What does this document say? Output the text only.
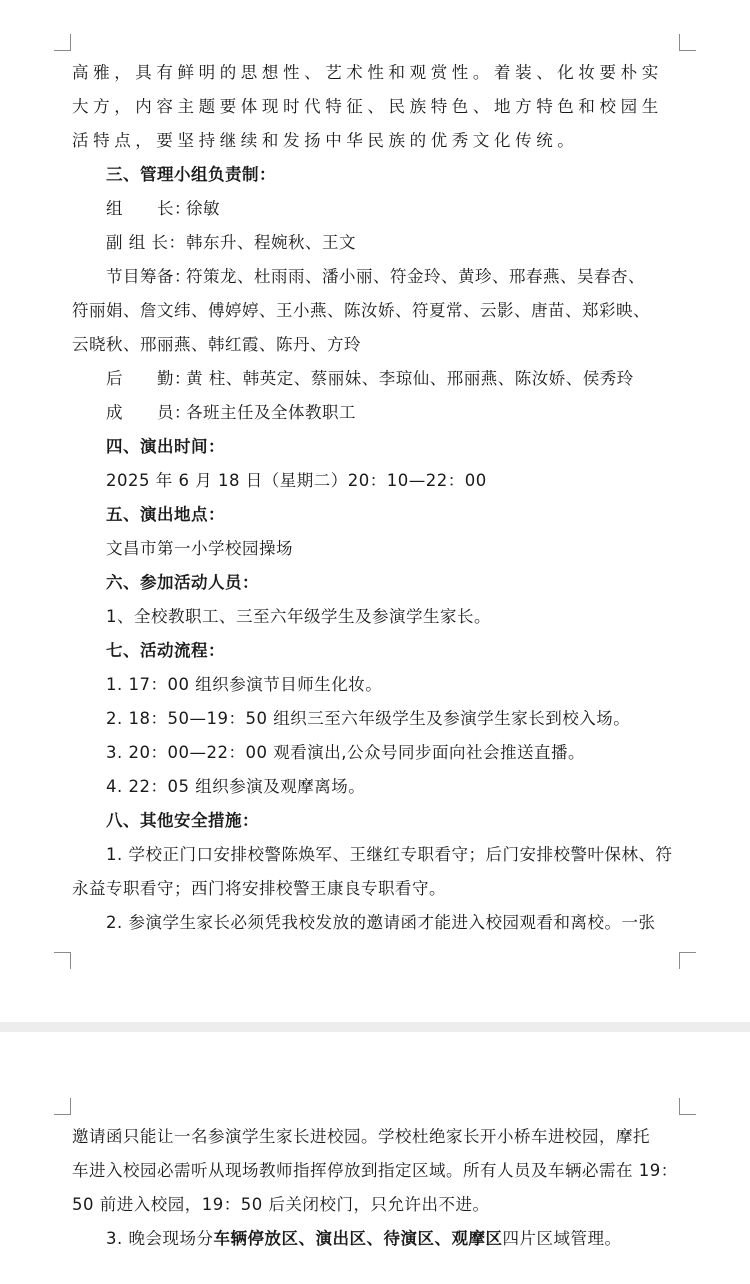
高雅，具有鲜明的思想性、艺术性和观赏性。着装、化妆要朴实
大方，内容主题要体现时代特征、民族特色、地方特色和校园生
活特点，要坚持继续和发扬中华民族的优秀文化传统。
三、管理小组负责制：
组　　长：徐敏
副 组 长：韩东升、程婉秋、王文
节目筹备：符策龙、杜雨雨、潘小丽、符金玲、黄珍、邢春燕、吴春杏、
符丽娟、詹文纬、傅婷婷、王小燕、陈汝娇、符夏常、云影、唐苗、郑彩映、
云晓秋、邢丽燕、韩红霞、陈丹、方玲
后　　勤：黄 柱、韩英定、蔡丽妹、李琼仙、邢丽燕、陈汝娇、侯秀玲
成　　员：各班主任及全体教职工
四、演出时间：
2025 年 6 月 18 日（星期二）20：10—22：00
五、演出地点：
文昌市第一小学校园操场
六、参加活动人员：
1、全校教职工、三至六年级学生及参演学生家长。
七、活动流程：
1. 17：00 组织参演节目师生化妆。
2. 18：50—19：50 组织三至六年级学生及参演学生家长到校入场。
3. 20：00—22：00 观看演出,公众号同步面向社会推送直播。
4. 22：05 组织参演及观摩离场。
八、其他安全措施：
1. 学校正门口安排校警陈焕军、王继红专职看守；后门安排校警叶保林、符
永益专职看守；西门将安排校警王康良专职看守。
2. 参演学生家长必须凭我校发放的邀请函才能进入校园观看和离校。一张
邀请函只能让一名参演学生家长进校园。学校杜绝家长开小桥车进校园，摩托
车进入校园必需听从现场教师指挥停放到指定区域。所有人员及车辆必需在 19：
50 前进入校园，19：50 后关闭校门，只允许出不进。
3. 晚会现场分车辆停放区、演出区、待演区、观摩区四片区域管理。
